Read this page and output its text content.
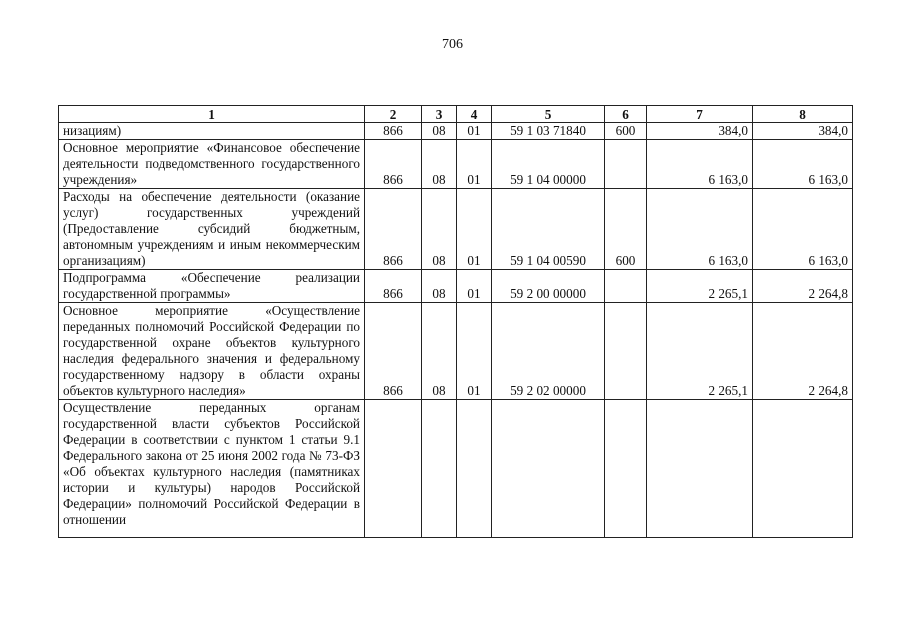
706
1	2	3	4	5	6	7	8
низациям)	866	08	01	59 1 03 71840	600	384,0	384,0
Основное мероприятие «Финансовое обеспечение деятельности подведомственного государственного учреждения»	866	08	01	59 1 04 00000		6 163,0	6 163,0
Расходы на обеспечение деятельности (оказание услуг) государственных учреждений (Предоставление субсидий бюджетным, автономным учреждениям и иным некоммерческим организациям)	866	08	01	59 1 04 00590	600	6 163,0	6 163,0
Подпрограмма «Обеспечение реализации государственной программы»	866	08	01	59 2 00 00000		2 265,1	2 264,8
Основное мероприятие «Осуществление переданных полномочий Российской Федерации по государственной охране объектов культурного наследия федерального значения и федеральному государственному надзору в области охраны объектов культурного наследия»	866	08	01	59 2 02 00000		2 265,1	2 264,8
Осуществление переданных органам государственной власти субъектов Российской Федерации в соответствии с пунктом 1 статьи 9.1 Федерального закона от 25 июня 2002 года № 73-ФЗ «Об объектах культурного наследия (памятниках истории и культуры) народов Российской Федерации» полномочий Российской Федерации в отношении							
